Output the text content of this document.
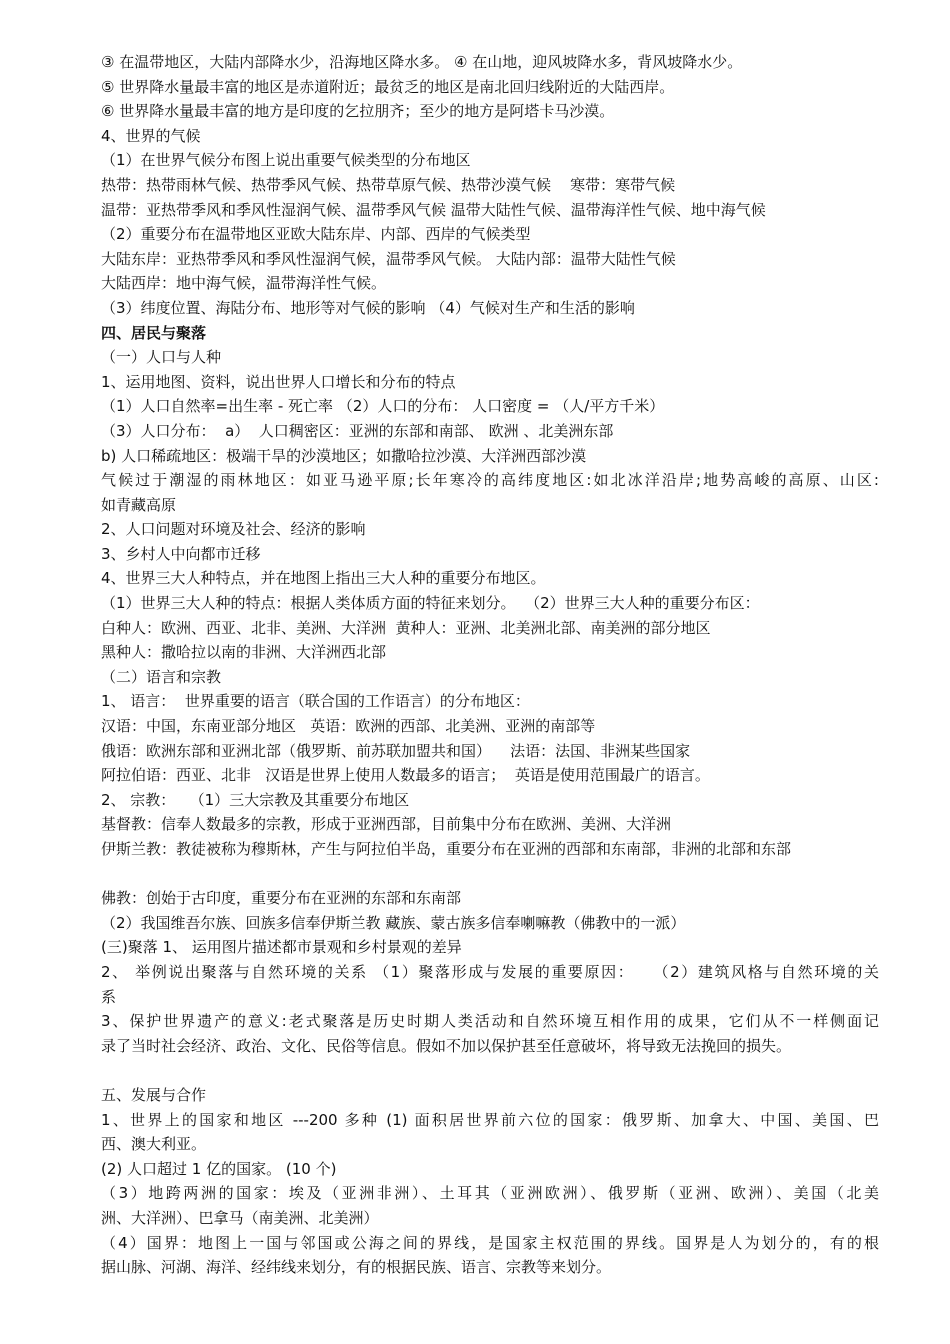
③ 在温带地区，大陆内部降水少，沿海地区降水多。 ④ 在山地，迎风坡降水多，背风坡降水少。

⑤ 世界降水量最丰富的地区是赤道附近；最贫乏的地区是南北回归线附近的大陆西岸。

⑥ 世界降水量最丰富的地方是印度的乞拉朋齐；至少的地方是阿塔卡马沙漠。

4、世界的气候

（1）在世界气候分布图上说出重要气候类型的分布地区

热带：热带雨林气候、热带季风气候、热带草原气候、热带沙漠气候    寒带：寒带气候

温带：亚热带季风和季风性湿润气候、温带季风气候 温带大陆性气候、温带海洋性气候、地中海气候

（2）重要分布在温带地区亚欧大陆东岸、内部、西岸的气候类型

大陆东岸：亚热带季风和季风性湿润气候，温带季风气候。 大陆内部：温带大陆性气候

大陆西岸：地中海气候，温带海洋性气候。

（3）纬度位置、海陆分布、地形等对气候的影响 （4）气候对生产和生活的影响

四、居民与聚落

（一）人口与人种

1、运用地图、资料，说出世界人口增长和分布的特点

（1）人口自然率=出生率 - 死亡率 （2）人口的分布： 人口密度 = （人/平方千米）

（3）人口分布：  a）  人口稠密区：亚洲的东部和南部、 欧洲 、北美洲东部

b) 人口稀疏地区：极端干旱的沙漠地区；如撒哈拉沙漠、大洋洲西部沙漠

气候过于潮湿的雨林地区：如亚马逊平原;长年寒冷的高纬度地区:如北冰洋沿岸;地势高峻的高原、山区:

如青藏高原

2、人口问题对环境及社会、经济的影响

3、乡村人中向都市迁移

4、世界三大人种特点，并在地图上指出三大人种的重要分布地区。

（1）世界三大人种的特点：根据人类体质方面的特征来划分。  （2）世界三大人种的重要分布区：

白种人：欧洲、西亚、北非、美洲、大洋洲  黄种人：亚洲、北美洲北部、南美洲的部分地区

黑种人：撒哈拉以南的非洲、大洋洲西北部

（二）语言和宗教

1、 语言：  世界重要的语言（联合国的工作语言）的分布地区：

汉语：中国，东南亚部分地区   英语：欧洲的西部、北美洲、亚洲的南部等

俄语：欧洲东部和亚洲北部（俄罗斯、前苏联加盟共和国）    法语：法国、非洲某些国家

阿拉伯语：西亚、北非   汉语是世界上使用人数最多的语言；  英语是使用范围最广的语言。

2、 宗教：   （1）三大宗教及其重要分布地区

基督教：信奉人数最多的宗教，形成于亚洲西部，目前集中分布在欧洲、美洲、大洋洲

伊斯兰教：教徒被称为穆斯林，产生与阿拉伯半岛，重要分布在亚洲的西部和东南部，非洲的北部和东部

佛教：创始于古印度，重要分布在亚洲的东部和东南部

（2）我国维吾尔族、回族多信奉伊斯兰教 藏族、蒙古族多信奉喇嘛教（佛教中的一派）

(三)聚落 1、 运用图片描述都市景观和乡村景观的差异

2、 举例说出聚落与自然环境的关系 （1）聚落形成与发展的重要原因：   （2）建筑风格与自然环境的关

系

3、保护世界遗产的意义:老式聚落是历史时期人类活动和自然环境互相作用的成果，它们从不一样侧面记

录了当时社会经济、政治、文化、民俗等信息。假如不加以保护甚至任意破坏，将导致无法挽回的损失。

五、发展与合作

1、世界上的国家和地区 ---200 多种 (1) 面积居世界前六位的国家：俄罗斯、加拿大、中国、美国、巴

西、澳大利亚。

(2) 人口超过 1 亿的国家。 (10 个)

（3）地跨两洲的国家：埃及（亚洲非洲）、土耳其（亚洲欧洲）、俄罗斯（亚洲、欧洲）、美国（北美

洲、大洋洲）、巴拿马（南美洲、北美洲）

（4）国界：地图上一国与邻国或公海之间的界线，是国家主权范围的界线。国界是人为划分的，有的根

据山脉、河湖、海洋、经纬线来划分，有的根据民族、语言、宗教等来划分。
